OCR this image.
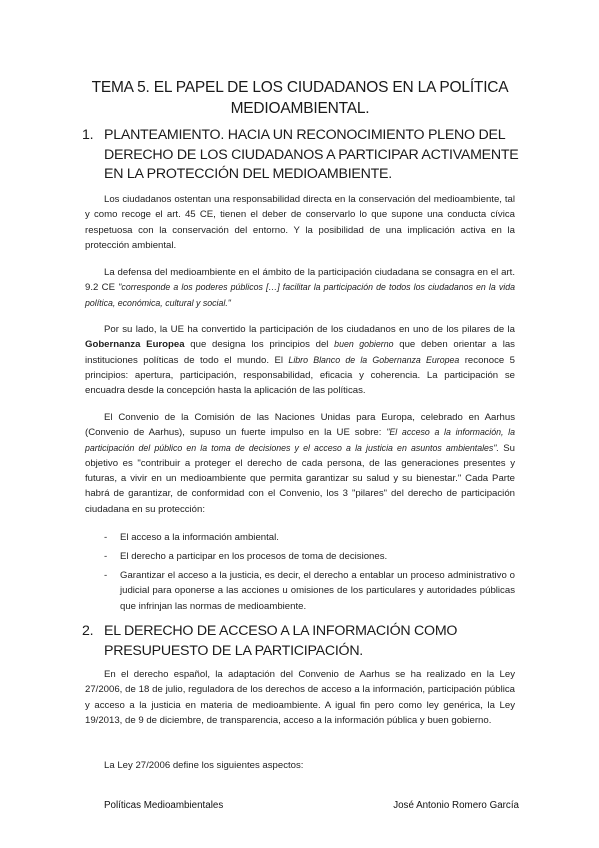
TEMA 5. EL PAPEL DE LOS CIUDADANOS EN LA POLÍTICA MEDIOAMBIENTAL.
1. PLANTEAMIENTO. HACIA UN RECONOCIMIENTO PLENO DEL DERECHO DE LOS CIUDADANOS A PARTICIPAR ACTIVAMENTE EN LA PROTECCIÓN DEL MEDIOAMBIENTE.
Los ciudadanos ostentan una responsabilidad directa en la conservación del medioambiente, tal y como recoge el art. 45 CE, tienen el deber de conservarlo lo que supone una conducta cívica respetuosa con la conservación del entorno. Y la posibilidad de una implicación activa en la protección ambiental.
La defensa del medioambiente en el ámbito de la participación ciudadana se consagra en el art. 9.2 CE "corresponde a los poderes públicos […] facilitar la participación de todos los ciudadanos en la vida política, económica, cultural y social."
Por su lado, la UE ha convertido la participación de los ciudadanos en uno de los pilares de la Gobernanza Europea que designa los principios del buen gobierno que deben orientar a las instituciones políticas de todo el mundo. El Libro Blanco de la Gobernanza Europea reconoce 5 principios: apertura, participación, responsabilidad, eficacia y coherencia. La participación se encuadra desde la concepción hasta la aplicación de las políticas.
El Convenio de la Comisión de las Naciones Unidas para Europa, celebrado en Aarhus (Convenio de Aarhus), supuso un fuerte impulso en la UE sobre: "El acceso a la información, la participación del público en la toma de decisiones y el acceso a la justicia en asuntos ambientales". Su objetivo es "contribuir a proteger el derecho de cada persona, de las generaciones presentes y futuras, a vivir en un medioambiente que permita garantizar su salud y su bienestar." Cada Parte habrá de garantizar, de conformidad con el Convenio, los 3 "pilares" del derecho de participación ciudadana en su protección:
- El acceso a la información ambiental.
- El derecho a participar en los procesos de toma de decisiones.
- Garantizar el acceso a la justicia, es decir, el derecho a entablar un proceso administrativo o judicial para oponerse a las acciones u omisiones de los particulares y autoridades públicas que infrinjan las normas de medioambiente.
2. EL DERECHO DE ACCESO A LA INFORMACIÓN COMO PRESUPUESTO DE LA PARTICIPACIÓN.
En el derecho español, la adaptación del Convenio de Aarhus se ha realizado en la Ley 27/2006, de 18 de julio, reguladora de los derechos de acceso a la información, participación pública y acceso a la justicia en materia de medioambiente. A igual fin pero como ley genérica, la Ley 19/2013, de 9 de diciembre, de transparencia, acceso a la información pública y buen gobierno.
La Ley 27/2006 define los siguientes aspectos:
Políticas Medioambientales	José Antonio Romero García
